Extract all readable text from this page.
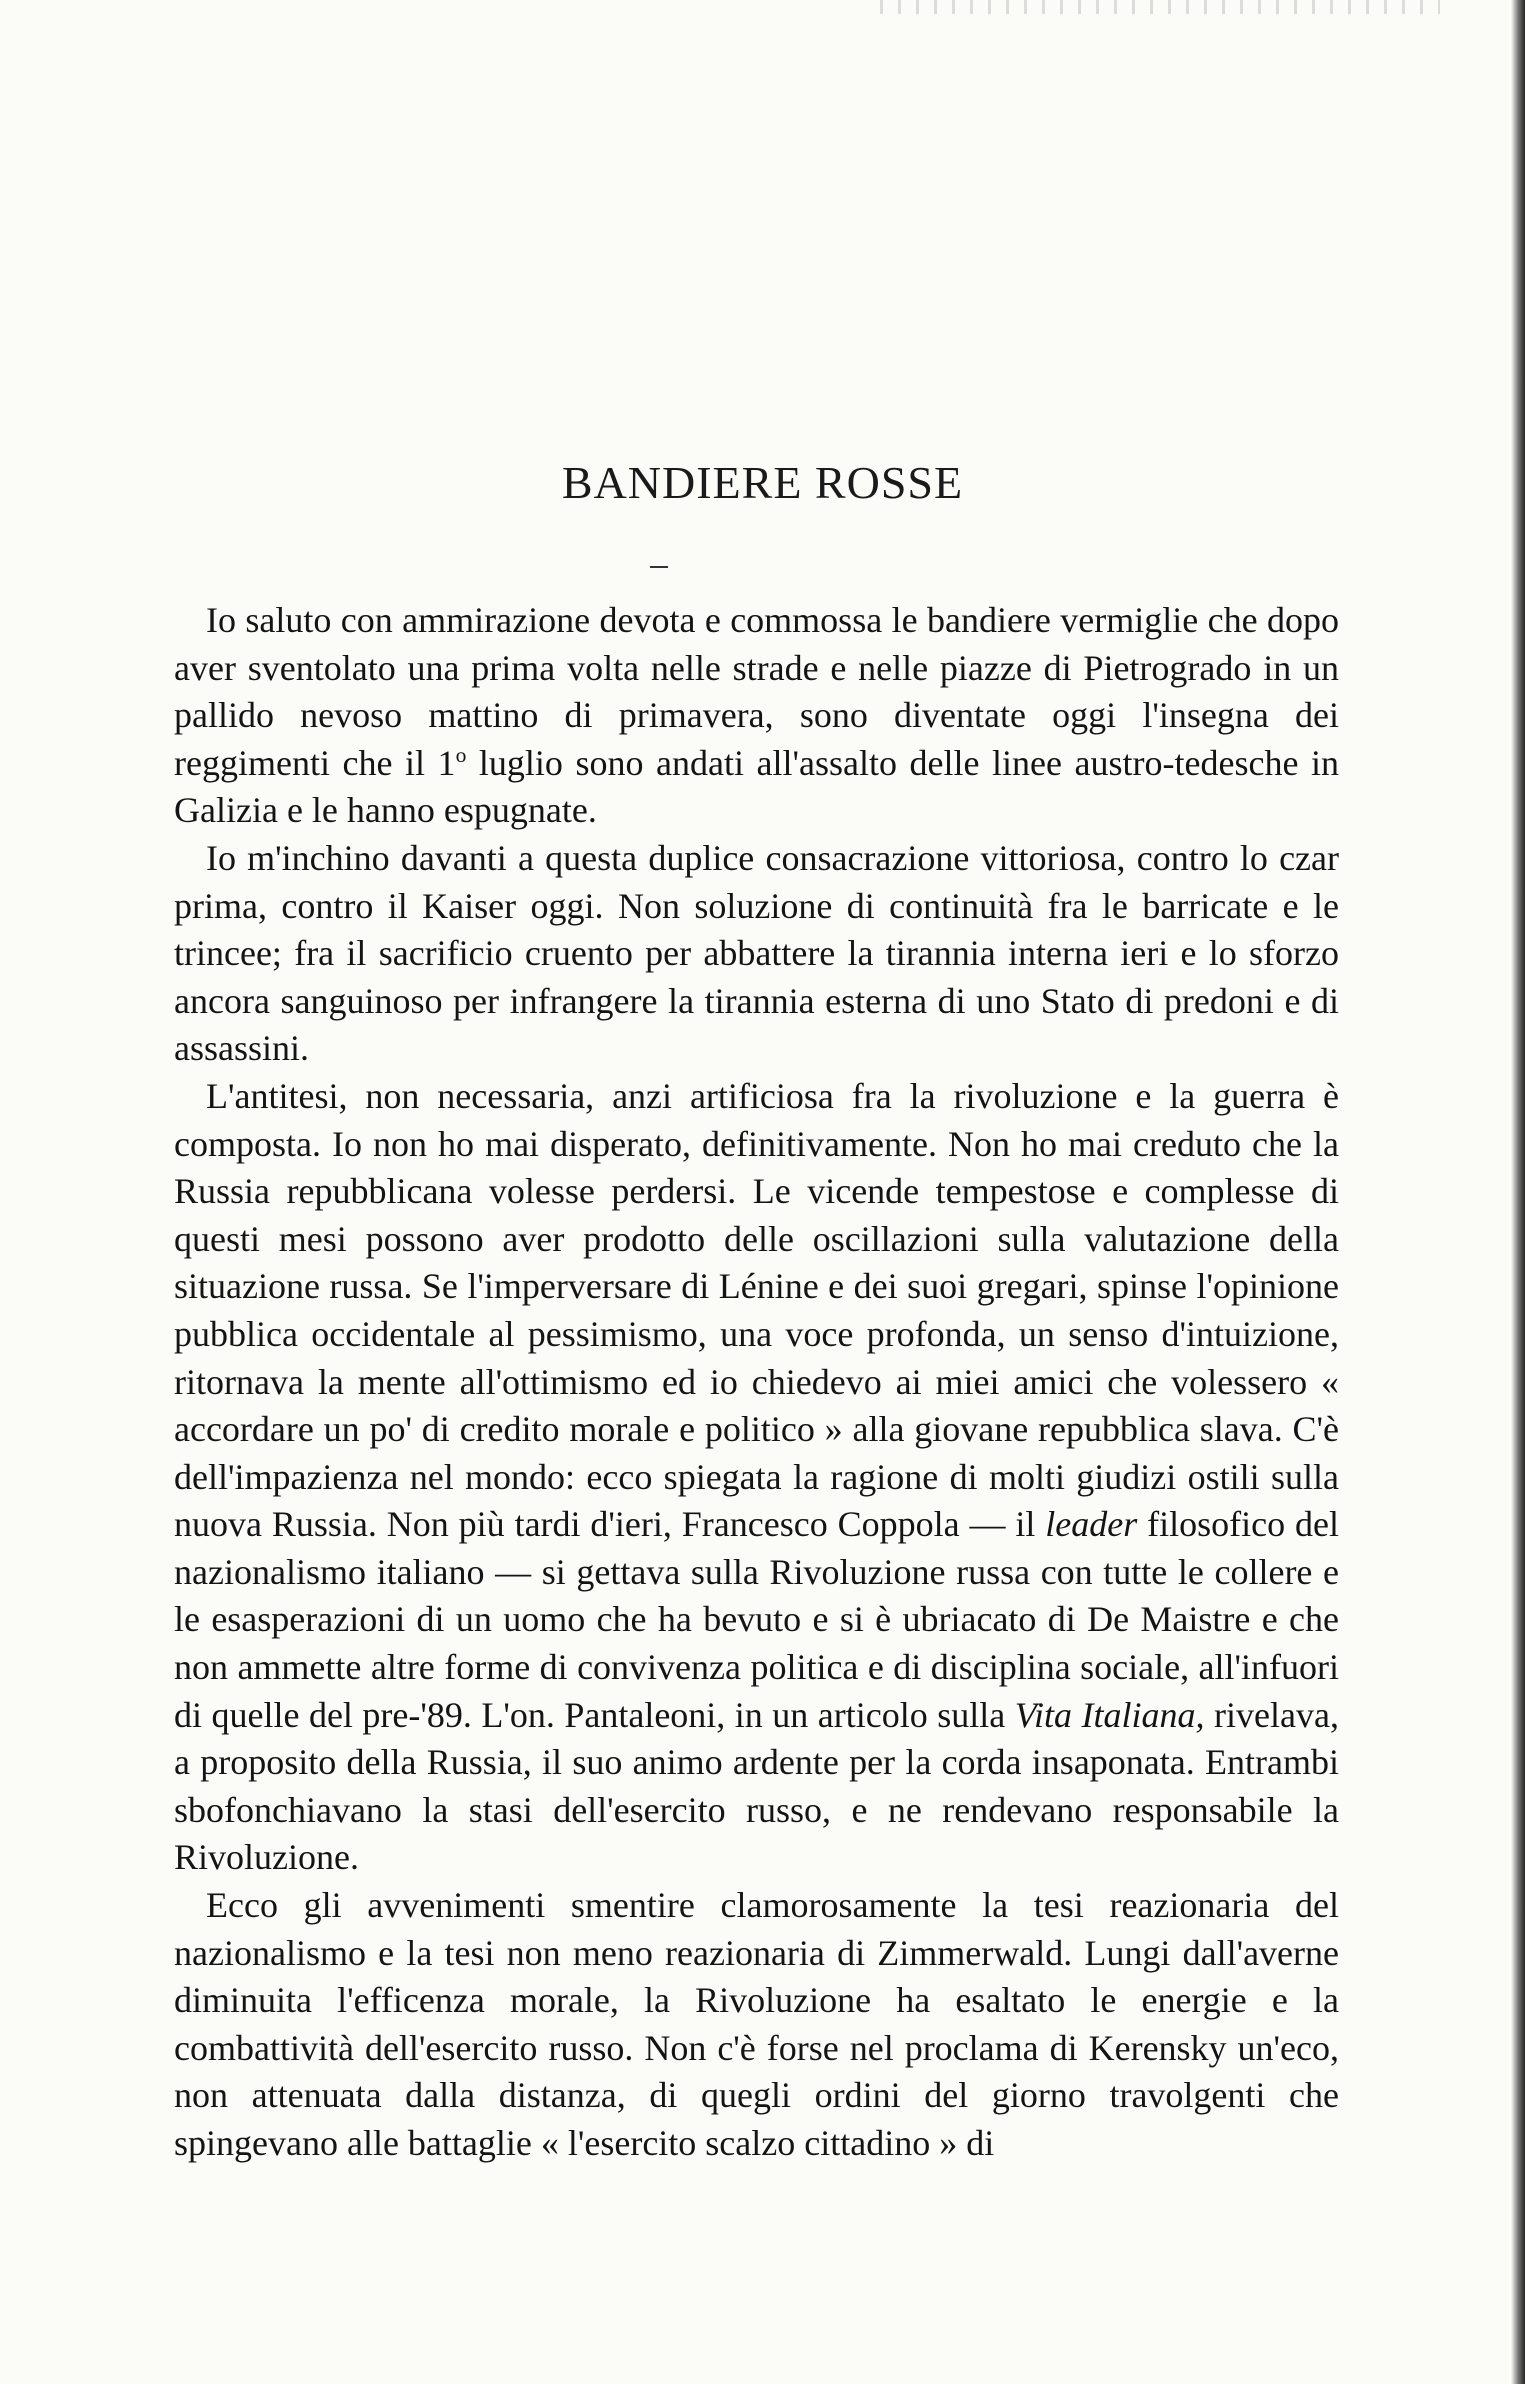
BANDIERE ROSSE

Io saluto con ammirazione devota e commossa le bandiere vermiglie che dopo aver sventolato una prima volta nelle strade e nelle piazze di Pietrogrado in un pallido nevoso mattino di primavera, sono diventate oggi l'insegna dei reggimenti che il 1$^o$ luglio sono andati all'assalto delle linee austro-tedesche in Galizia e le hanno espugnate.

Io m'inchino davanti a questa duplice consacrazione vittoriosa, contro lo czar prima, contro il Kaiser oggi. Non soluzione di continuità fra le barricate e le trincee; fra il sacrificio cruento per abbattere la tirannia interna ieri e lo sforzo ancora sanguinoso per infrangere la tirannia esterna di uno Stato di predoni e di assassini.

L'antitesi, non necessaria, anzi artificiosa fra la rivoluzione e la guerra è composta. Io non ho mai disperato, definitivamente. Non ho mai creduto che la Russia repubblicana volesse perdersi. Le vicende tempestose e complesse di questi mesi possono aver prodotto delle oscillazioni sulla valutazione della situazione russa. Se l'imperversare di Lénine e dei suoi gregari, spinse l'opinione pubblica occidentale al pessimismo, una voce profonda, un senso d'intuizione, ritornava la mente all'ottimismo ed io chiedevo ai miei amici che volessero « accordare un po' di credito morale e politico » alla giovane repubblica slava. C'è dell'impazienza nel mondo: ecco spiegata la ragione di molti giudizi ostili sulla nuova Russia. Non più tardi d'ieri, Francesco Coppola — il leader filosofico del nazionalismo italiano — si gettava sulla Rivoluzione russa con tutte le collere e le esasperazioni di un uomo che ha bevuto e si è ubriacato di De Maistre e che non ammette altre forme di convivenza politica e di disciplina sociale, all'infuori di quelle del pre-'89. L'on. Pantaleoni, in un articolo sulla Vita Italiana, rivelava, a proposito della Russia, il suo animo ardente per la corda insaponata. Entrambi sbofonchiavano la stasi dell'esercito russo, e ne rendevano responsabile la Rivoluzione.

Ecco gli avvenimenti smentire clamorosamente la tesi reazionaria del nazionalismo e la tesi non meno reazionaria di Zimmerwald. Lungi dall'averne diminuita l'efficenza morale, la Rivoluzione ha esaltato le energie e la combattività dell'esercito russo. Non c'è forse nel proclama di Kerensky un'eco, non attenuata dalla distanza, di quegli ordini del giorno travolgenti che spingevano alle battaglie « l'esercito scalzo cittadino » di
